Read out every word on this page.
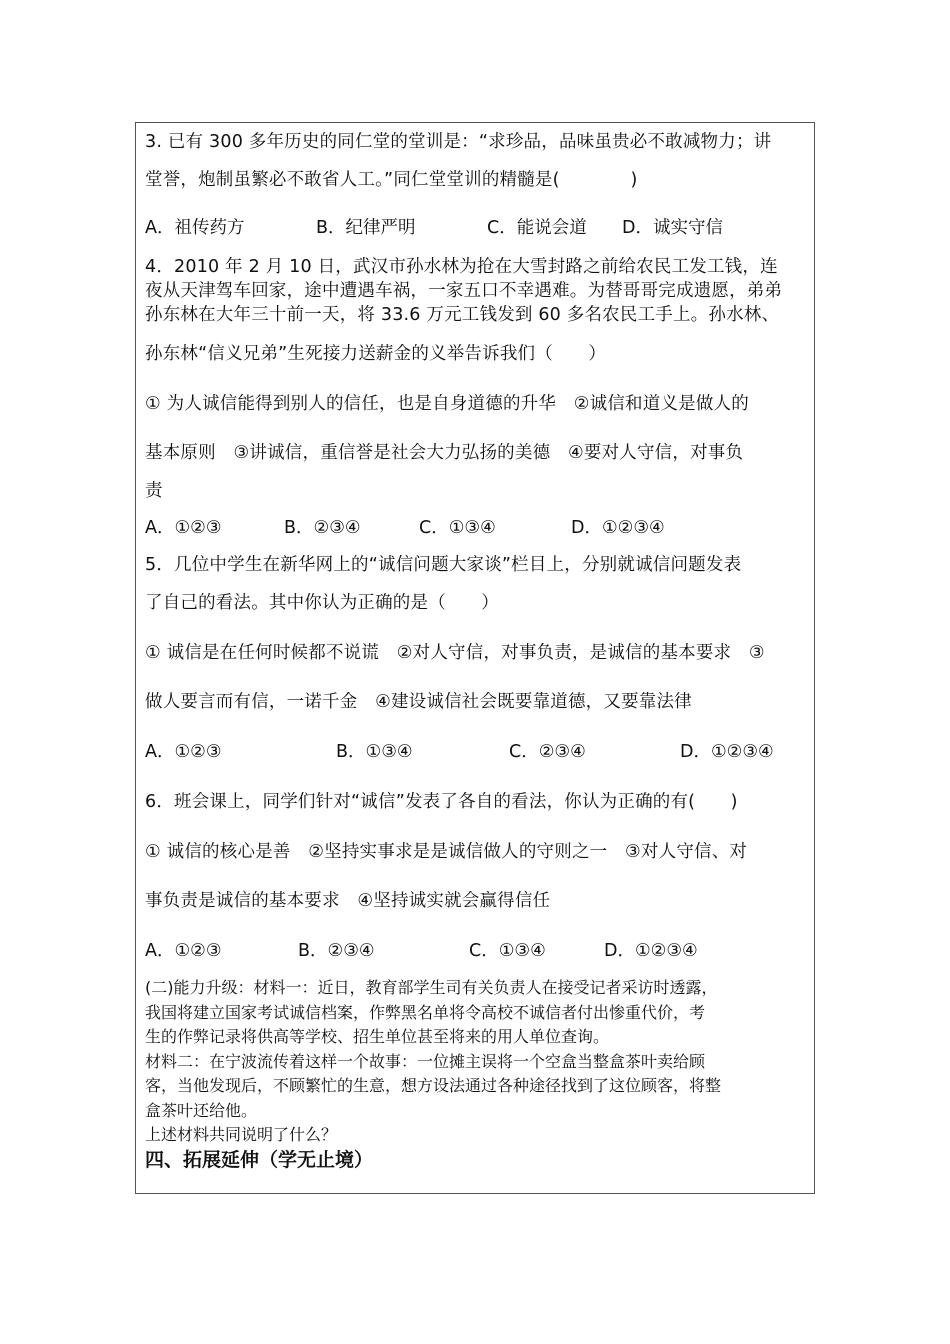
3. 已有 300 多年历史的同仁堂的堂训是：“求珍品，品味虽贵必不敢减物力；讲
堂誉，炮制虽繁必不敢省人工。”同仁堂堂训的精髓是(　　　　)
A．祖传药方	B．纪律严明	C．能说会道 D．诚实守信
4．2010 年 2 月 10 日，武汉市孙水林为抢在大雪封路之前给农民工发工钱，连
夜从天津驾车回家，途中遭遇车祸，一家五口不幸遇难。为替哥哥完成遗愿，弟弟
孙东林在大年三十前一天，将 33.6 万元工钱发到 60 多名农民工手上。孙水林、
孙东林“信义兄弟”生死接力送薪金的义举告诉我们（　　）
① 为人诚信能得到别人的信任，也是自身道德的升华　②诚信和道义是做人的
基本原则　③讲诚信，重信誉是社会大力弘扬的美德　④要对人守信，对事负
责
A．①②③	B．②③④	C．①③④	D．①②③④
5．几位中学生在新华网上的“诚信问题大家谈”栏目上，分别就诚信问题发表
了自己的看法。其中你认为正确的是（　　）
① 诚信是在任何时候都不说谎　②对人守信，对事负责，是诚信的基本要求　③
做人要言而有信，一诺千金　④建设诚信社会既要靠道德，又要靠法律
A．①②③	B．①③④	C．②③④	D．①②③④
6．班会课上，同学们针对“诚信”发表了各自的看法，你认为正确的有(　　)
① 诚信的核心是善　②坚持实事求是是诚信做人的守则之一　③对人守信、对
事负责是诚信的基本要求　④坚持诚实就会赢得信任
A．①②③	B．②③④	C．①③④	D．①②③④
(二)能力升级：材料一：近日，教育部学生司有关负责人在接受记者采访时透露，
我国将建立国家考试诚信档案，作弊黑名单将令高校不诚信者付出惨重代价，考
生的作弊记录将供高等学校、招生单位甚至将来的用人单位查询。
材料二：在宁波流传着这样一个故事：一位摊主误将一个空盒当整盒茶叶卖给顾
客，当他发现后，不顾繁忙的生意，想方设法通过各种途径找到了这位顾客，将整
盒茶叶还给他。
上述材料共同说明了什么？
四、拓展延伸（学无止境）
